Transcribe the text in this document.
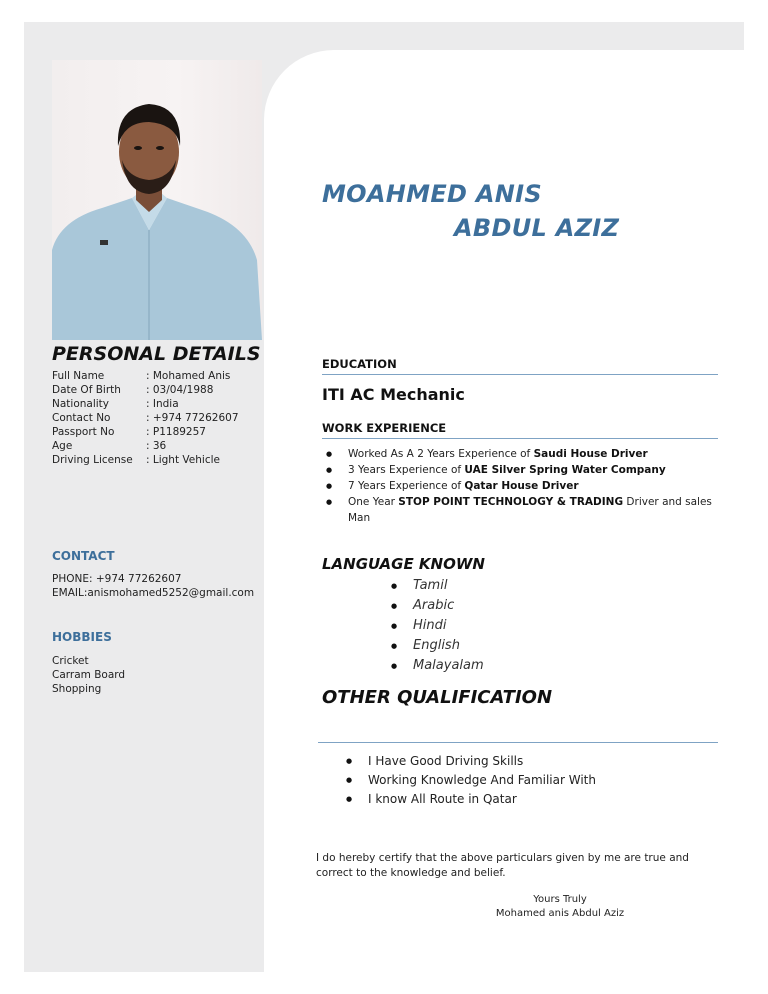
MOAHMED ANIS
ABDUL AZIZ
PERSONAL DETAILS
Full Name	: Mohamed Anis
Date Of Birth	: 03/04/1988
Nationality	: India
Contact No	: +974 77262607
Passport No	: P1189257
Age	: 36
Driving License	: Light Vehicle
CONTACT
PHONE: +974 77262607
EMAIL:anismohamed5252@gmail.com
HOBBIES
Cricket
Carram Board
Shopping
EDUCATION
ITI AC Mechanic
WORK EXPERIENCE
● Worked As A 2 Years Experience of Saudi House Driver
● 3 Years Experience of UAE Silver Spring Water Company
● 7 Years Experience of Qatar House Driver
● One Year STOP POINT TECHNOLOGY & TRADING Driver and sales Man
LANGUAGE KNOWN
● Tamil
● Arabic
● Hindi
● English
● Malayalam
OTHER QUALIFICATION
● I Have Good Driving Skills
● Working Knowledge And Familiar With
● I know All Route in Qatar
I do hereby certify that the above particulars given by me are true and correct to the knowledge and belief.
Yours Truly
Mohamed anis Abdul Aziz
